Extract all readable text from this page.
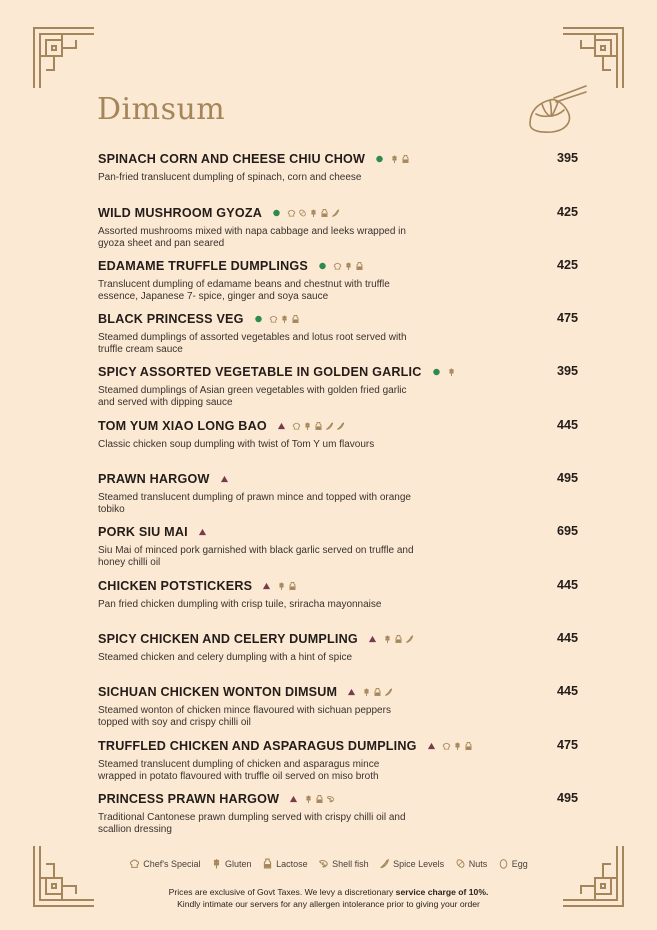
Dimsum
SPINACH CORN AND CHEESE CHIU CHOW	395
Pan-fried translucent dumpling of spinach, corn and cheese
WILD MUSHROOM GYOZA	425
Assorted mushrooms mixed with napa cabbage and leeks wrapped in gyoza sheet and pan seared
EDAMAME TRUFFLE DUMPLINGS	425
Translucent dumpling of edamame beans and chestnut with truffle essence, Japanese 7- spice, ginger and soya sauce
BLACK PRINCESS VEG	475
Steamed dumplings of assorted vegetables and lotus root served with truffle cream sauce
SPICY ASSORTED VEGETABLE IN GOLDEN GARLIC	395
Steamed dumplings of Asian green vegetables with golden fried garlic and served with dipping sauce
TOM YUM XIAO LONG BAO	445
Classic chicken soup dumpling with twist of Tom Y um flavours
PRAWN HARGOW	495
Steamed translucent dumpling of prawn mince and topped with orange tobiko
PORK SIU MAI	695
Siu Mai of minced pork garnished with black garlic served on truffle and honey chilli oil
CHICKEN POTSTICKERS	445
Pan fried chicken dumpling with crisp tuile, sriracha mayonnaise
SPICY CHICKEN AND CELERY DUMPLING	445
Steamed chicken and celery dumpling with a hint of spice
SICHUAN CHICKEN WONTON DIMSUM	445
Steamed wonton of chicken mince flavoured with sichuan peppers topped with soy and crispy chilli oil
TRUFFLED CHICKEN AND ASPARAGUS DUMPLING	475
Steamed translucent dumpling of chicken and asparagus mince wrapped in potato flavoured with truffle oil served on miso broth
PRINCESS PRAWN HARGOW	495
Traditional Cantonese prawn dumpling served with crispy chilli oil and scallion dressing
Chef's Special
	Gluten
	Lactose
	Shell fish
	Spice Levels
	Nuts
	Egg
Prices are exclusive of Govt Taxes. We levy a discretionary service charge of 10%.
Kindly intimate our servers for any allergen intolerance prior to giving your order
